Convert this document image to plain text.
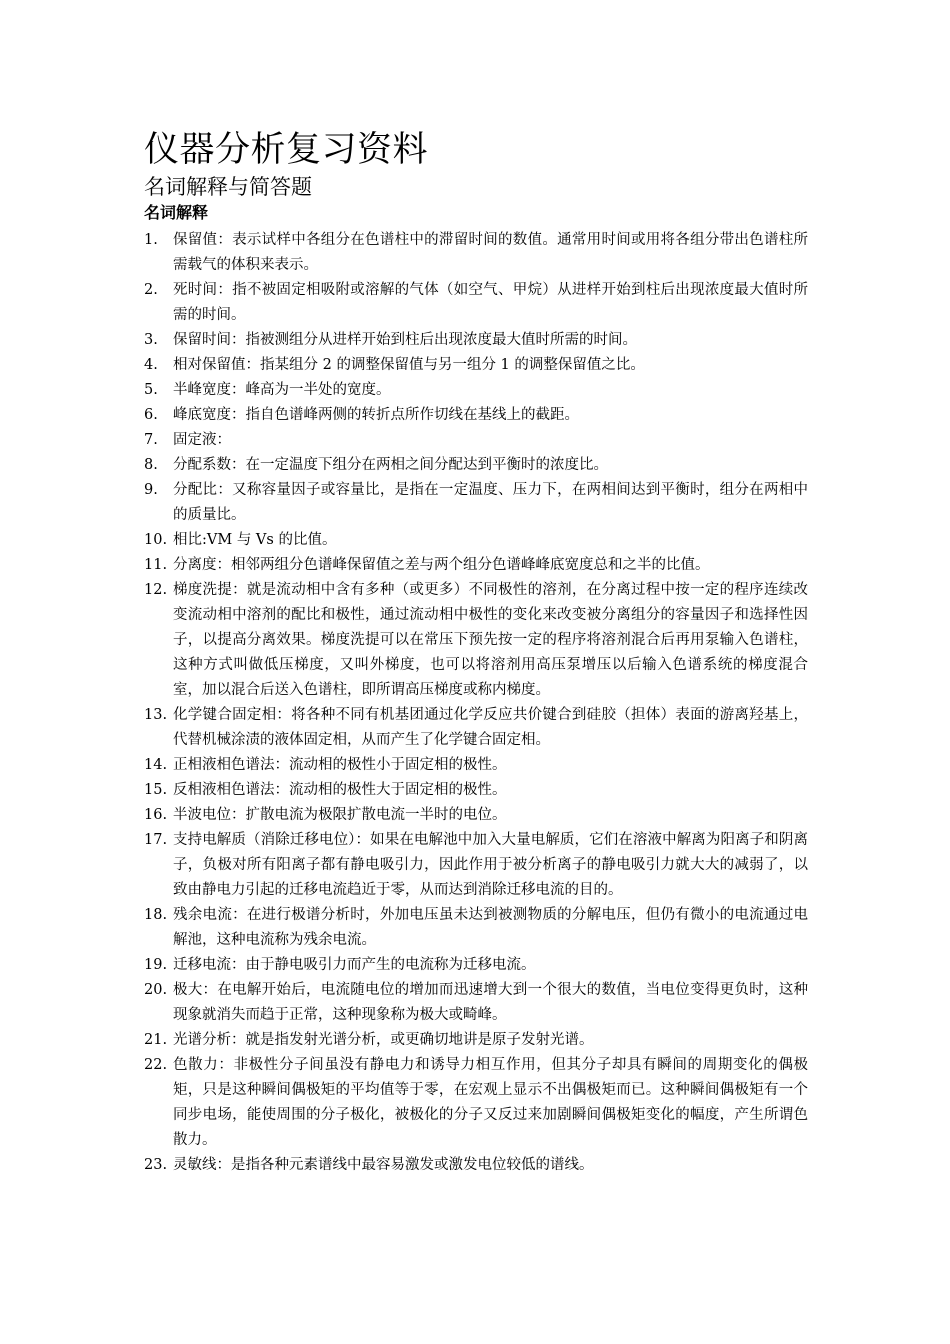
仪器分析复习资料
名词解释与简答题
名词解释
1. 保留值：表示试样中各组分在色谱柱中的滞留时间的数值。通常用时间或用将各组分带出色谱柱所需载气的体积来表示。
2. 死时间：指不被固定相吸附或溶解的气体（如空气、甲烷）从进样开始到柱后出现浓度最大值时所需的时间。
3. 保留时间：指被测组分从进样开始到柱后出现浓度最大值时所需的时间。
4. 相对保留值：指某组分 2 的调整保留值与另一组分 1 的调整保留值之比。
5. 半峰宽度：峰高为一半处的宽度。
6. 峰底宽度：指自色谱峰两侧的转折点所作切线在基线上的截距。
7. 固定液：
8. 分配系数：在一定温度下组分在两相之间分配达到平衡时的浓度比。
9. 分配比：又称容量因子或容量比，是指在一定温度、压力下，在两相间达到平衡时，组分在两相中的质量比。
10. 相比:VM 与 Vs 的比值。
11. 分离度：相邻两组分色谱峰保留值之差与两个组分色谱峰峰底宽度总和之半的比值。
12. 梯度洗提：就是流动相中含有多种（或更多）不同极性的溶剂，在分离过程中按一定的程序连续改变流动相中溶剂的配比和极性，通过流动相中极性的变化来改变被分离组分的容量因子和选择性因子，以提高分离效果。梯度洗提可以在常压下预先按一定的程序将溶剂混合后再用泵输入色谱柱，这种方式叫做低压梯度，又叫外梯度，也可以将溶剂用高压泵增压以后输入色谱系统的梯度混合室，加以混合后送入色谱柱，即所谓高压梯度或称内梯度。
13. 化学键合固定相：将各种不同有机基团通过化学反应共价键合到硅胶（担体）表面的游离羟基上，代替机械涂渍的液体固定相，从而产生了化学键合固定相。
14. 正相液相色谱法：流动相的极性小于固定相的极性。
15. 反相液相色谱法：流动相的极性大于固定相的极性。
16. 半波电位：扩散电流为极限扩散电流一半时的电位。
17. 支持电解质（消除迁移电位）：如果在电解池中加入大量电解质，它们在溶液中解离为阳离子和阴离子，负极对所有阳离子都有静电吸引力，因此作用于被分析离子的静电吸引力就大大的减弱了，以致由静电力引起的迁移电流趋近于零，从而达到消除迁移电流的目的。
18. 残余电流：在进行极谱分析时，外加电压虽未达到被测物质的分解电压，但仍有微小的电流通过电解池，这种电流称为残余电流。
19. 迁移电流：由于静电吸引力而产生的电流称为迁移电流。
20. 极大：在电解开始后，电流随电位的增加而迅速增大到一个很大的数值，当电位变得更负时，这种现象就消失而趋于正常，这种现象称为极大或畸峰。
21. 光谱分析：就是指发射光谱分析，或更确切地讲是原子发射光谱。
22. 色散力：非极性分子间虽没有静电力和诱导力相互作用，但其分子却具有瞬间的周期变化的偶极矩，只是这种瞬间偶极矩的平均值等于零，在宏观上显示不出偶极矩而已。这种瞬间偶极矩有一个同步电场，能使周围的分子极化，被极化的分子又反过来加剧瞬间偶极矩变化的幅度，产生所谓色散力。
23. 灵敏线：是指各种元素谱线中最容易激发或激发电位较低的谱线。
